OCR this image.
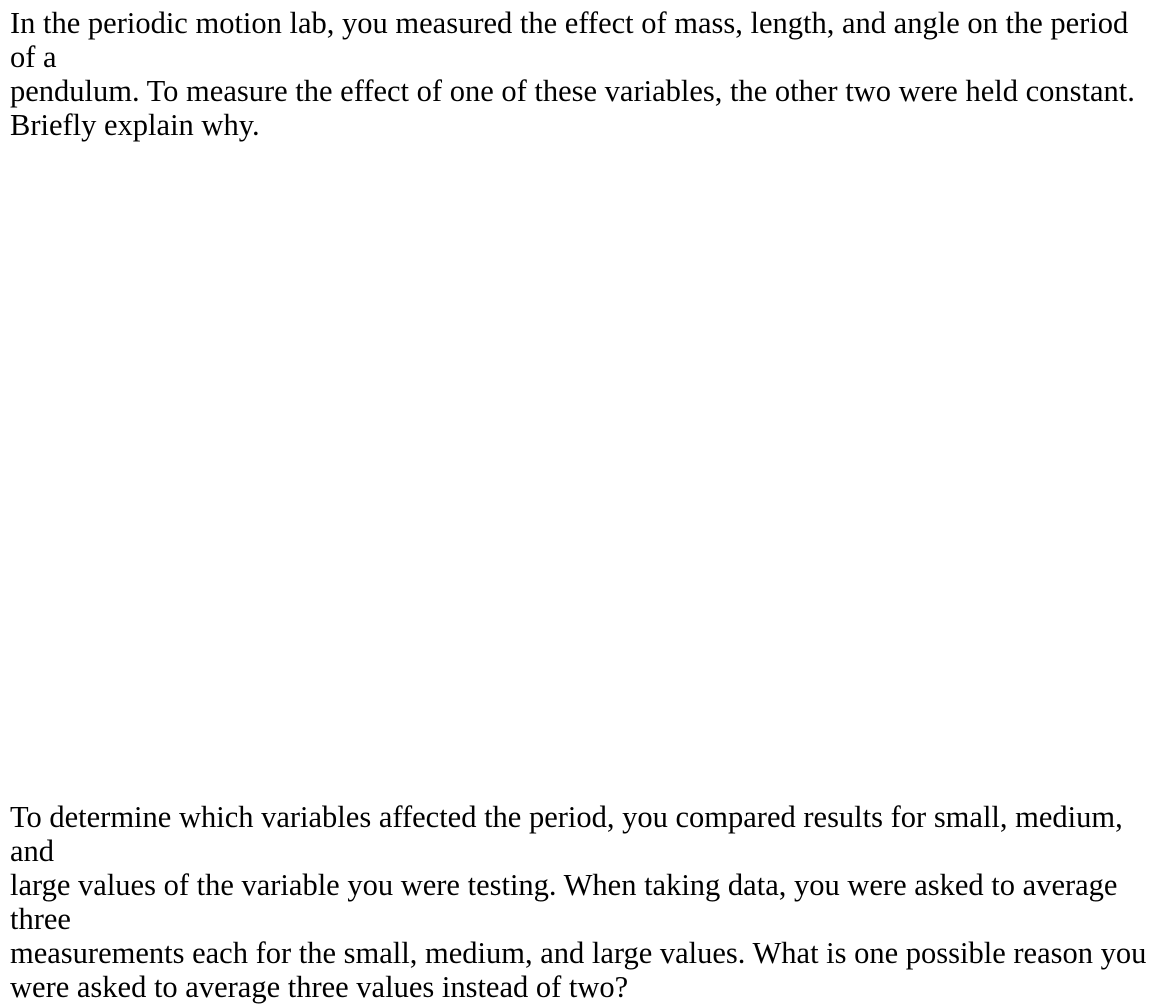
In the periodic motion lab, you measured the effect of mass, length, and angle on the period of a
pendulum. To measure the effect of one of these variables, the other two were held constant.
Briefly explain why.

To determine which variables affected the period, you compared results for small, medium, and
large values of the variable you were testing. When taking data, you were asked to average three
measurements each for the small, medium, and large values. What is one possible reason you
were asked to average three values instead of two?
